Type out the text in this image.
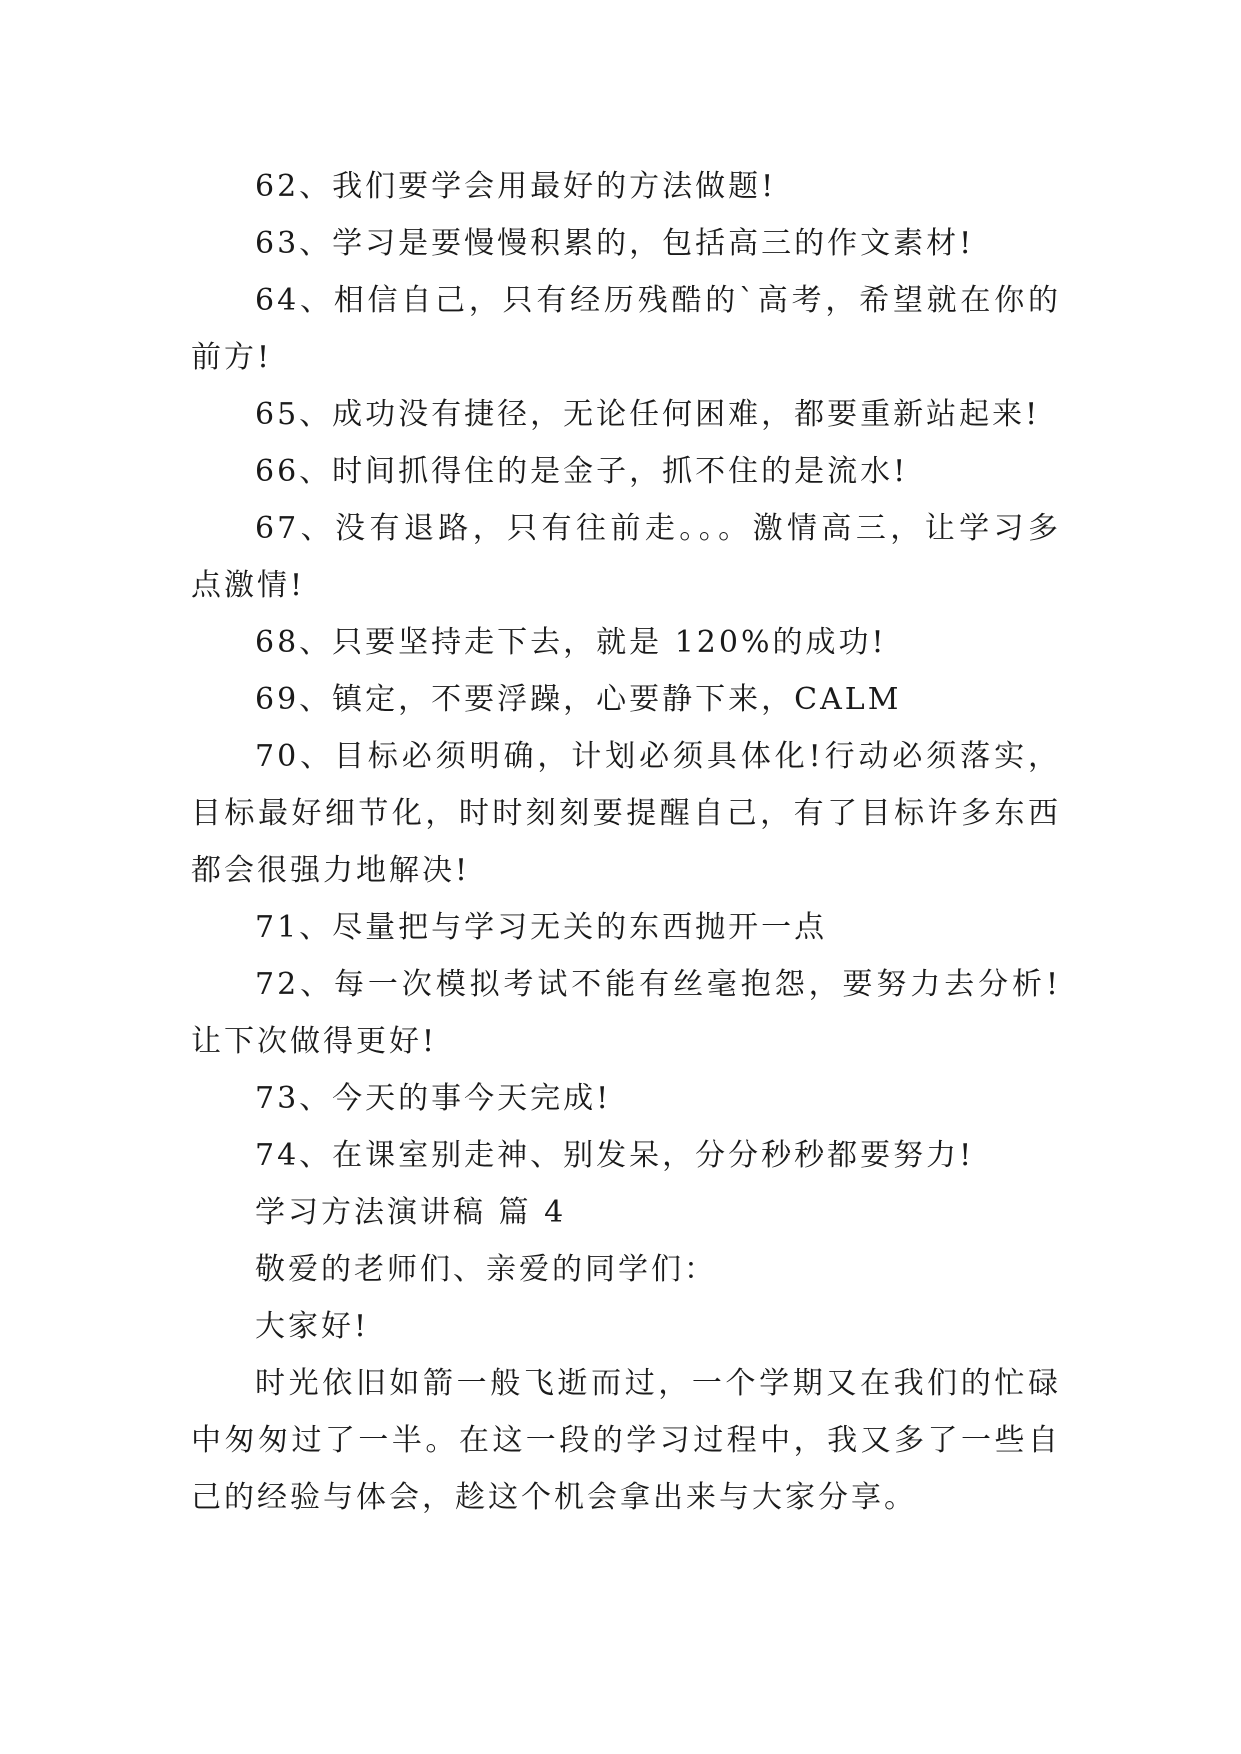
62、我们要学会用最好的方法做题!

63、学习是要慢慢积累的，包括高三的作文素材!

64、相信自己，只有经历残酷的`高考，希望就在你的前方!

65、成功没有捷径，无论任何困难，都要重新站起来!

66、时间抓得住的是金子，抓不住的是流水!

67、没有退路，只有往前走。。。激情高三，让学习多点激情!

68、只要坚持走下去，就是 120%的成功!

69、镇定，不要浮躁，心要静下来，CALM

70、目标必须明确，计划必须具体化!行动必须落实，目标最好细节化，时时刻刻要提醒自己，有了目标许多东西都会很强力地解决!

71、尽量把与学习无关的东西抛开一点

72、每一次模拟考试不能有丝毫抱怨，要努力去分析!让下次做得更好!

73、今天的事今天完成!

74、在课室别走神、别发呆，分分秒秒都要努力!

学习方法演讲稿 篇 4

敬爱的老师们、亲爱的同学们：

大家好!

时光依旧如箭一般飞逝而过，一个学期又在我们的忙碌中匆匆过了一半。在这一段的学习过程中，我又多了一些自己的经验与体会，趁这个机会拿出来与大家分享。
